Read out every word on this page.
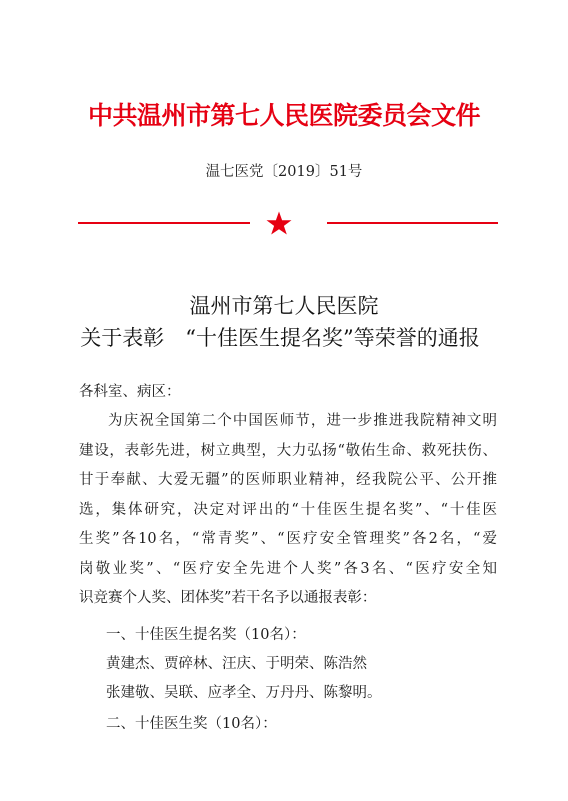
中共温州市第七人民医院委员会文件
温七医党〔2019〕51号
温州市第七人民医院
关于表彰　“十佳医生提名奖”等荣誉的通报
各科室、病区：
为庆祝全国第二个中国医师节，进一步推进我院精神文明
建设，表彰先进，树立典型，大力弘扬“敬佑生命、救死扶伤、
甘于奉献、大爱无疆”的医师职业精神，经我院公平、公开推
选，集体研究，决定对评出的“十佳医生提名奖”、“十佳医
生奖”各10名，“常青奖”、“医疗安全管理奖”各2名，“爱
岗敬业奖”、“医疗安全先进个人奖”各3名、“医疗安全知
识竞赛个人奖、团体奖”若干名予以通报表彰：
一、十佳医生提名奖（10名）：
黄建杰、贾碎林、汪庆、于明荣、陈浩然
张建敬、吴联、应孝全、万丹丹、陈黎明。
二、十佳医生奖（10名）：
